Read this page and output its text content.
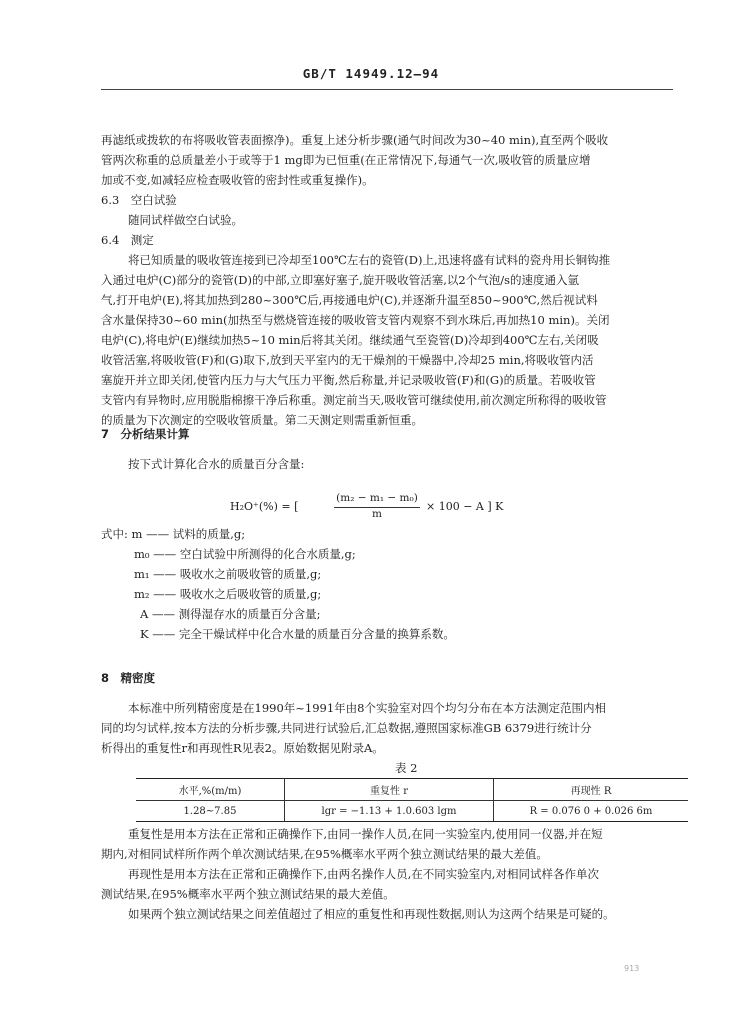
GB/T 14949.12—94
再滤纸或拨软的布将吸收管表面擦净)。重复上述分析步骤(通气时间改为30~40 min),直至两个吸收
管两次称重的总质量差小于或等于1 mg即为已恒重(在正常情况下,每通气一次,吸收管的质量应增
加或不变,如减轻应检查吸收管的密封性或重复操作)。
6.3　空白试验
随同试样做空白试验。
6.4　测定
将已知质量的吸收管连接到已冷却至100℃左右的瓷管(D)上,迅速将盛有试料的瓷舟用长铜钩推
入通过电炉(C)部分的瓷管(D)的中部,立即塞好塞子,旋开吸收管活塞,以2个气泡/s的速度通入氩
气,打开电炉(E),将其加热到280~300℃后,再接通电炉(C),并逐渐升温至850~900℃,然后视试料
含水量保持30~60 min(加热至与燃烧管连接的吸收管支管内观察不到水珠后,再加热10 min)。关闭
电炉(C),将电炉(E)继续加热5~10 min后将其关闭。继续通气至瓷管(D)冷却到400℃左右,关闭吸
收管活塞,将吸收管(F)和(G)取下,放到天平室内的无干燥剂的干燥器中,冷却25 min,将吸收管内活
塞旋开并立即关闭,使管内压力与大气压力平衡,然后称量,并记录吸收管(F)和(G)的质量。若吸收管
支管内有异物时,应用脱脂棉擦干净后称重。测定前当天,吸收管可继续使用,前次测定所称得的吸收管
的质量为下次测定的空吸收管质量。第二天测定则需重新恒重。
7　分析结果计算
按下式计算化合水的质量百分含量:
H₂O⁺(%) = [
(m₂ − m₁ − m₀)
m
× 100 − A ] K
式中: m —— 试料的质量,g;
m₀ —— 空白试验中所测得的化合水质量,g;
m₁ —— 吸收水之前吸收管的质量,g;
m₂ —— 吸收水之后吸收管的质量,g;
A —— 测得湿存水的质量百分含量;
K —— 完全干燥试样中化合水量的质量百分含量的换算系数。
8　精密度
本标准中所列精密度是在1990年~1991年由8个实验室对四个均匀分布在本方法测定范围内相
同的均匀试样,按本方法的分析步骤,共同进行试验后,汇总数据,遵照国家标准GB 6379进行统计分
析得出的重复性r和再现性R见表2。原始数据见附录A。
表 2
水平,%(m/m)	重复性 r	再现性 R
1.28~7.85	lgr = −1.13 + 1.0.603 lgm	R = 0.076 0 + 0.026 6m
重复性是用本方法在正常和正确操作下,由同一操作人员,在同一实验室内,使用同一仪器,并在短
期内,对相同试样所作两个单次测试结果,在95%概率水平两个独立测试结果的最大差值。
再现性是用本方法在正常和正确操作下,由两名操作人员,在不同实验室内,对相同试样各作单次
测试结果,在95%概率水平两个独立测试结果的最大差值。
如果两个独立测试结果之间差值超过了相应的重复性和再现性数据,则认为这两个结果是可疑的。
913
